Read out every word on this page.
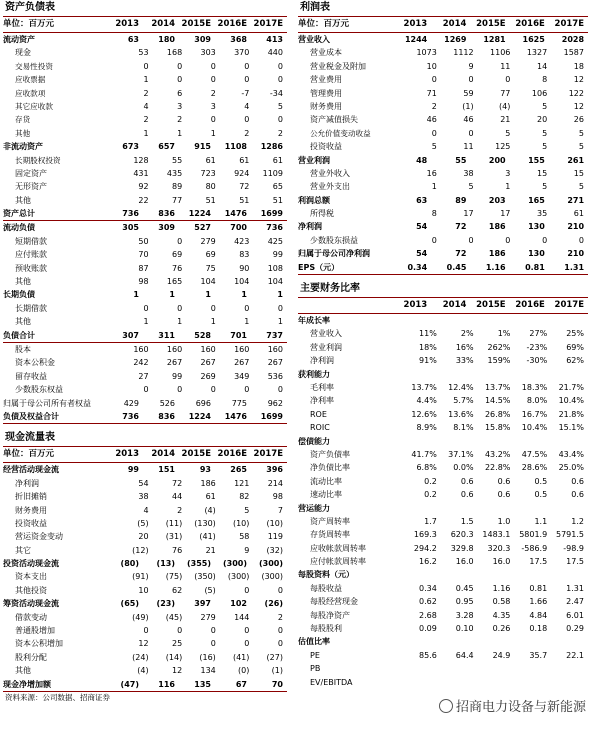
资产负债表
单位：百万元	2013	2014 2015E 2016E 2017E
流动资产	63	180	309	368	413
现金	53	168	303	370	440
交易性投资	0	0	0	0	0
应收票据	1	0	0	0	0
应收款项	2	6	2	-7	-34
其它应收款	4	3	3	4	5
存货	2	2	0	0	0
其他	1	1	1	2	2
非流动资产	673	657	915	1108	1286
长期股权投资	128	55	61	61	61
固定资产	431	435	723	924	1109
无形资产	92	89	80	72	65
其他	22	77	51	51	51
资产总计	736	836	1224	1476	1699
流动负债	305	309	527	700	736
短期借款	50	0	279	423	425
应付账款	70	69	69	83	99
预收账款	87	76	75	90	108
其他	98	165	104	104	104
长期负债	1	1	1	1	1
长期借款	0	0	0	0	0
其他	1	1	1	1	1
负债合计	307	311	528	701	737
股本	160	160	160	160	160
资本公积金	242	267	267	267	267
留存收益	27	99	269	349	536
少数股东权益	0	0	0	0	0
归属于母公司所有者权益	429	526	696	775	962
负债及权益合计	736	836	1224	1476	1699
现金流量表
单位：百万元	2013	2014 2015E 2016E 2017E
经营活动现金流	99	151	93	265	396
净利润	54	72	186	121	214
折旧摊销	38	44	61	82	98
财务费用	4	2	(4)	5	7
投资收益	(5)	(11)	(130)	(10)	(10)
营运资金变动	20	(31)	(41)	58	119
其它	(12)	76	21	9	(32)
投资活动现金流	(80)	(13)	(355)	(300)	(300)
资本支出	(91)	(75)	(350)	(300)	(300)
其他投资	10	62	(5)	0	0
筹资活动现金流	(65)	(23)	397	102	(26)
借款变动	(49)	(45)	279	144	2
普通股增加	0	0	0	0	0
资本公积增加	12	25	0	0	0
股利分配	(24)	(14)	(16)	(41)	(27)
其他	(4)	12	134	(0)	(1)
现金净增加额	(47)	116	135	67	70
资料来源：公司数据、招商证券
利润表
单位：百万元	2013	2014	2015E	2016E	2017E
营业收入	1244	1269	1281	1625	2028
营业成本	1073	1112	1106	1327	1587
营业税金及附加	10	9	11	14	18
营业费用	0	0	0	8	12
管理费用	71	59	77	106	122
财务费用	2	(1)	(4)	5	12
资产减值损失	46	46	21	20	26
公允价值变动收益	0	0	5	5	5
投资收益	5	11	125	5	5
营业利润	48	55	200	155	261
营业外收入	16	38	3	15	15
营业外支出	1	5	1	5	5
利润总额	63	89	203	165	271
所得税	8	17	17	35	61
净利润	54	72	186	130	210
少数股东损益	0	0	0	0	0
归属于母公司净利润	54	72	186	130	210
EPS（元）	0.34	0.45	1.16	0.81	1.31
主要财务比率
2013	2014	2015E	2016E	2017E
年成长率
营业收入	11%	2%	1%	27%	25%
营业利润	18%	16%	262%	-23%	69%
净利润	91%	33%	159%	-30%	62%
获利能力
毛利率	13.7%	12.4%	13.7%	18.3%	21.7%
净利率	4.4%	5.7%	14.5%	8.0%	10.4%
ROE	12.6%	13.6%	26.8%	16.7%	21.8%
ROIC	8.9%	8.1%	15.8%	10.4%	15.1%
偿债能力
资产负债率	41.7%	37.1%	43.2%	47.5%	43.4%
净负债比率	6.8%	0.0%	22.8%	28.6%	25.0%
流动比率	0.2	0.6	0.6	0.5	0.6
速动比率	0.2	0.6	0.6	0.5	0.6
营运能力
资产周转率	1.7	1.5	1.0	1.1	1.2
存货周转率	169.3	620.3	1483.1	5801.9	5791.5
应收帐款周转率	294.2	329.8	320.3	-586.9	-98.9
应付帐款周转率	16.2	16.0	16.0	17.5	17.5
每股资料（元）
每股收益	0.34	0.45	1.16	0.81	1.31
每股经营现金	0.62	0.95	0.58	1.66	2.47
每股净资产	2.68	3.28	4.35	4.84	6.01
每股股利	0.09	0.10	0.26	0.18	0.29
估值比率
PE	85.6	64.4	24.9	35.7	22.1
PB
EV/EBITDA
招商电力设备与新能源
